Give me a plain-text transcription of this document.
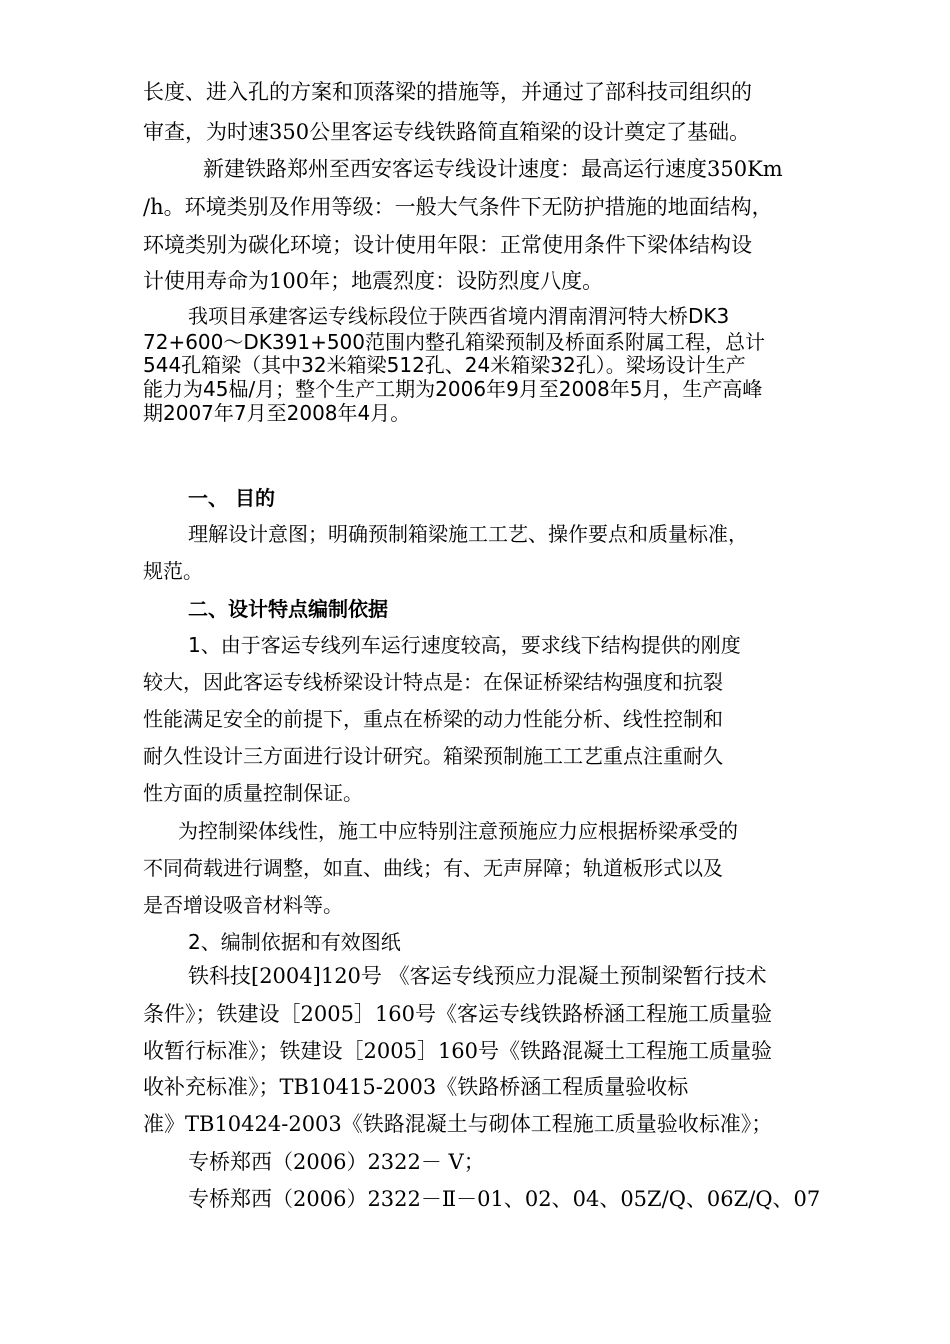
长度、进入孔的方案和顶落梁的措施等，并通过了部科技司组织的
审查，为时速350公里客运专线铁路简直箱梁的设计奠定了基础。
新建铁路郑州至西安客运专线设计速度：最高运行速度350Km
/h。环境类别及作用等级：一般大气条件下无防护措施的地面结构，
环境类别为碳化环境；设计使用年限：正常使用条件下梁体结构设
计使用寿命为100年；地震烈度：设防烈度八度。
我项目承建客运专线标段位于陕西省境内渭南渭河特大桥DK3
72+600～DK391+500范围内整孔箱梁预制及桥面系附属工程，总计
544孔箱梁（其中32米箱梁512孔、24米箱梁32孔）。梁场设计生产
能力为45榀/月；整个生产工期为2006年9月至2008年5月，生产高峰
期2007年7月至2008年4月。
一、 目的
理解设计意图；明确预制箱梁施工工艺、操作要点和质量标准，
规范。
二、设计特点编制依据
1、由于客运专线列车运行速度较高，要求线下结构提供的刚度
较大，因此客运专线桥梁设计特点是：在保证桥梁结构强度和抗裂
性能满足安全的前提下，重点在桥梁的动力性能分析、线性控制和
耐久性设计三方面进行设计研究。箱梁预制施工工艺重点注重耐久
性方面的质量控制保证。
为控制梁体线性，施工中应特别注意预施应力应根据桥梁承受的
不同荷载进行调整，如直、曲线；有、无声屏障；轨道板形式以及
是否增设吸音材料等。
2、编制依据和有效图纸
铁科技[2004]120号 《客运专线预应力混凝土预制梁暂行技术
条件》；铁建设［2005］160号《客运专线铁路桥涵工程施工质量验
收暂行标准》；铁建设［2005］160号《铁路混凝土工程施工质量验
收补充标准》；TB10415-2003《铁路桥涵工程质量验收标
准》TB10424-2003《铁路混凝土与砌体工程施工质量验收标准》；
专桥郑西（2006）2322－ Ⅴ；
专桥郑西（2006）2322－Ⅱ－01、02、04、05Z/Q、06Z/Q、07
